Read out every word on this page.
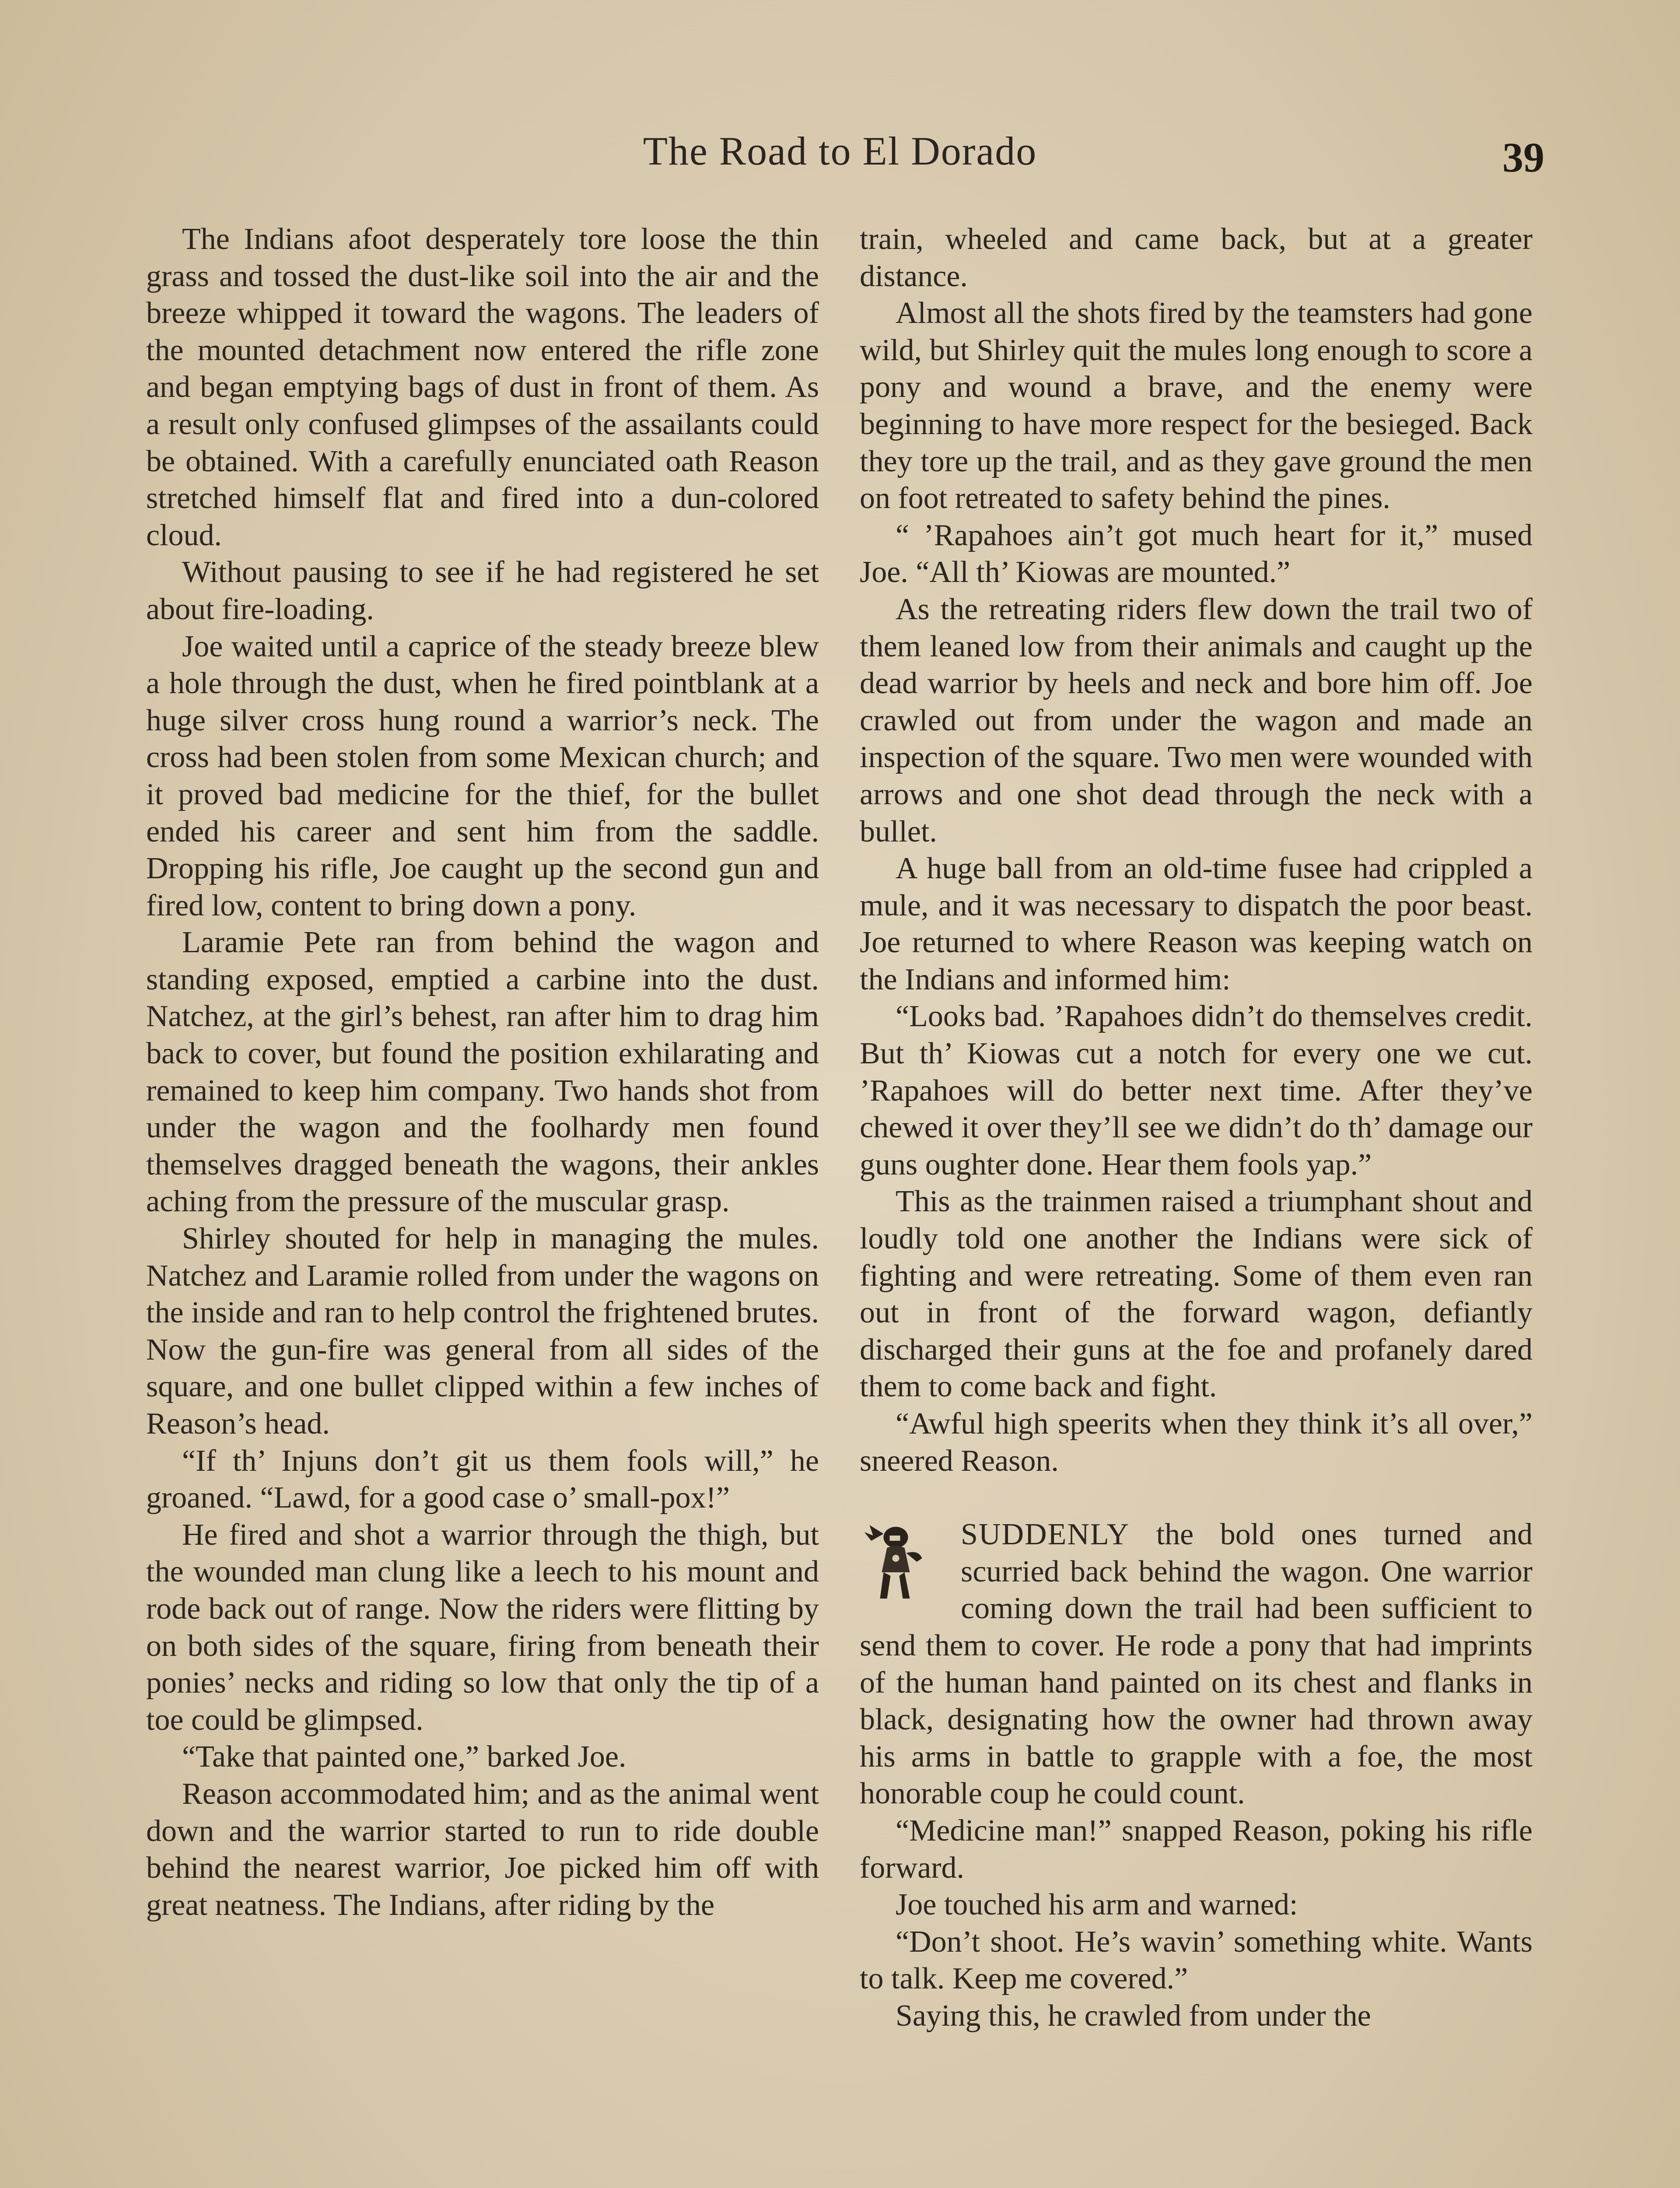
The Road to El Dorado	39

The Indians afoot desperately tore loose the thin grass and tossed the dust-like soil into the air and the breeze whipped it toward the wagons. The leaders of the mounted detachment now entered the rifle zone and began emptying bags of dust in front of them. As a result only confused glimpses of the assailants could be obtained. With a carefully enunciated oath Reason stretched himself flat and fired into a dun-colored cloud.

Without pausing to see if he had registered he set about fire-loading.

Joe waited until a caprice of the steady breeze blew a hole through the dust, when he fired pointblank at a huge silver cross hung round a warrior’s neck. The cross had been stolen from some Mexican church; and it proved bad medicine for the thief, for the bullet ended his career and sent him from the saddle. Dropping his rifle, Joe caught up the second gun and fired low, content to bring down a pony.

Laramie Pete ran from behind the wagon and standing exposed, emptied a carbine into the dust. Natchez, at the girl’s behest, ran after him to drag him back to cover, but found the position exhilarating and remained to keep him company. Two hands shot from under the wagon and the foolhardy men found themselves dragged beneath the wagons, their ankles aching from the pressure of the muscular grasp.

Shirley shouted for help in managing the mules. Natchez and Laramie rolled from under the wagons on the inside and ran to help control the frightened brutes. Now the gun-fire was general from all sides of the square, and one bullet clipped within a few inches of Reason’s head.

“If th’ Injuns don’t git us them fools will,” he groaned. “Lawd, for a good case o’ small-pox!”

He fired and shot a warrior through the thigh, but the wounded man clung like a leech to his mount and rode back out of range. Now the riders were flitting by on both sides of the square, firing from beneath their ponies’ necks and riding so low that only the tip of a toe could be glimpsed.

“Take that painted one,” barked Joe.

Reason accommodated him; and as the animal went down and the warrior started to run to ride double behind the nearest warrior, Joe picked him off with great neatness. The Indians, after riding by the

train, wheeled and came back, but at a greater distance.

Almost all the shots fired by the teamsters had gone wild, but Shirley quit the mules long enough to score a pony and wound a brave, and the enemy were beginning to have more respect for the besieged. Back they tore up the trail, and as they gave ground the men on foot retreated to safety behind the pines.

“ ’Rapahoes ain’t got much heart for it,” mused Joe. “All th’ Kiowas are mounted.”

As the retreating riders flew down the trail two of them leaned low from their animals and caught up the dead warrior by heels and neck and bore him off. Joe crawled out from under the wagon and made an inspection of the square. Two men were wounded with arrows and one shot dead through the neck with a bullet.

A huge ball from an old-time fusee had crippled a mule, and it was necessary to dispatch the poor beast. Joe returned to where Reason was keeping watch on the Indians and informed him:

“Looks bad. ’Rapahoes didn’t do themselves credit. But th’ Kiowas cut a notch for every one we cut. ’Rapahoes will do better next time. After they’ve chewed it over they’ll see we didn’t do th’ damage our guns oughter done. Hear them fools yap.”

This as the trainmen raised a triumphant shout and loudly told one another the Indians were sick of fighting and were retreating. Some of them even ran out in front of the forward wagon, defiantly discharged their guns at the foe and profanely dared them to come back and fight.

“Awful high speerits when they think it’s all over,” sneered Reason.

SUDDENLY the bold ones turned and scurried back behind the wagon. One warrior coming down the trail had been sufficient to send them to cover. He rode a pony that had imprints of the human hand painted on its chest and flanks in black, designating how the owner had thrown away his arms in battle to grapple with a foe, the most honorable coup he could count.

“Medicine man!” snapped Reason, poking his rifle forward.

Joe touched his arm and warned:

“Don’t shoot. He’s wavin’ something white. Wants to talk. Keep me covered.”

Saying this, he crawled from under the
